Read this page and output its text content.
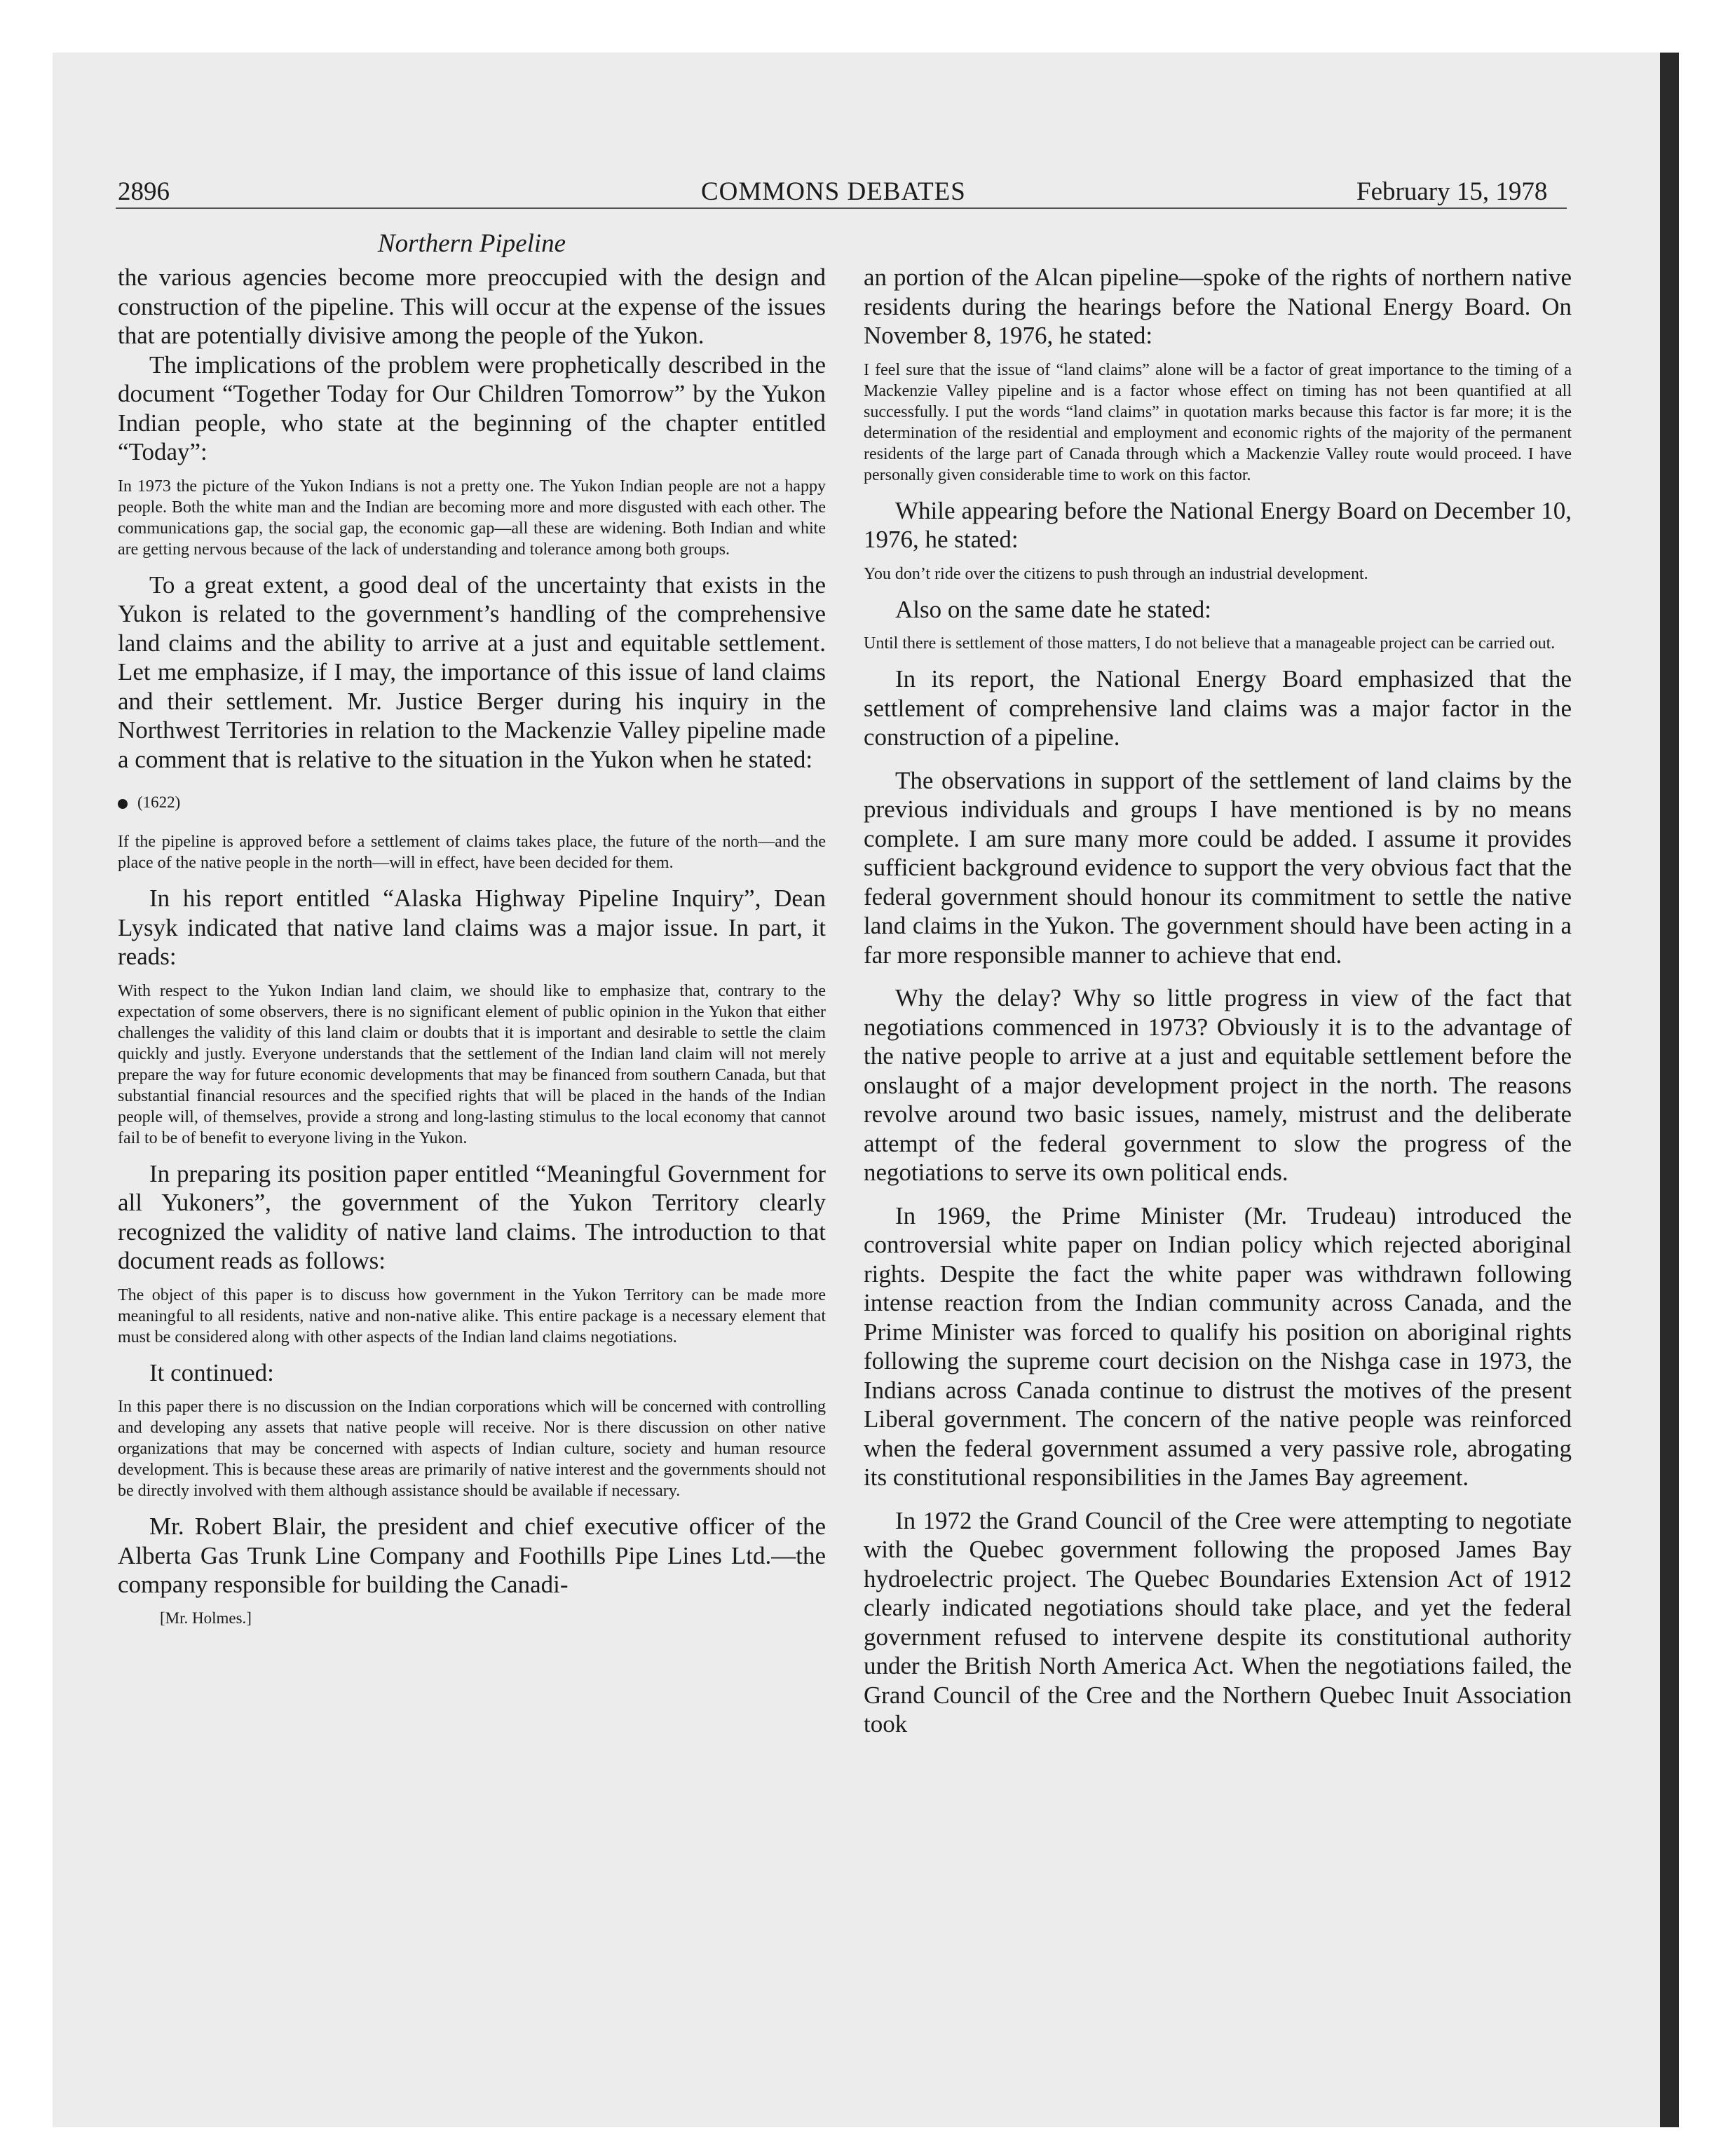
2896	COMMONS DEBATES	February 15, 1978
Northern Pipeline

the various agencies become more preoccupied with the design and construction of the pipeline. This will occur at the expense of the issues that are potentially divisive among the people of the Yukon.

The implications of the problem were prophetically described in the document “Together Today for Our Children Tomorrow” by the Yukon Indian people, who state at the beginning of the chapter entitled “Today”:

In 1973 the picture of the Yukon Indians is not a pretty one. The Yukon Indian people are not a happy people. Both the white man and the Indian are becoming more and more disgusted with each other. The communications gap, the social gap, the economic gap—all these are widening. Both Indian and white are getting nervous because of the lack of understanding and tolerance among both groups.

To a great extent, a good deal of the uncertainty that exists in the Yukon is related to the government’s handling of the comprehensive land claims and the ability to arrive at a just and equitable settlement. Let me emphasize, if I may, the importance of this issue of land claims and their settlement. Mr. Justice Berger during his inquiry in the Northwest Territories in relation to the Mackenzie Valley pipeline made a comment that is relative to the situation in the Yukon when he stated:

(1622)

If the pipeline is approved before a settlement of claims takes place, the future of the north—and the place of the native people in the north—will in effect, have been decided for them.

In his report entitled “Alaska Highway Pipeline Inquiry”, Dean Lysyk indicated that native land claims was a major issue. In part, it reads:

With respect to the Yukon Indian land claim, we should like to emphasize that, contrary to the expectation of some observers, there is no significant element of public opinion in the Yukon that either challenges the validity of this land claim or doubts that it is important and desirable to settle the claim quickly and justly. Everyone understands that the settlement of the Indian land claim will not merely prepare the way for future economic developments that may be financed from southern Canada, but that substantial financial resources and the specified rights that will be placed in the hands of the Indian people will, of themselves, provide a strong and long-lasting stimulus to the local economy that cannot fail to be of benefit to everyone living in the Yukon.

In preparing its position paper entitled “Meaningful Government for all Yukoners”, the government of the Yukon Territory clearly recognized the validity of native land claims. The introduction to that document reads as follows:

The object of this paper is to discuss how government in the Yukon Territory can be made more meaningful to all residents, native and non-native alike. This entire package is a necessary element that must be considered along with other aspects of the Indian land claims negotiations.

It continued:

In this paper there is no discussion on the Indian corporations which will be concerned with controlling and developing any assets that native people will receive. Nor is there discussion on other native organizations that may be concerned with aspects of Indian culture, society and human resource development. This is because these areas are primarily of native interest and the governments should not be directly involved with them although assistance should be available if necessary.

Mr. Robert Blair, the president and chief executive officer of the Alberta Gas Trunk Line Company and Foothills Pipe Lines Ltd.—the company responsible for building the Canadi-

[Mr. Holmes.]

an portion of the Alcan pipeline—spoke of the rights of northern native residents during the hearings before the National Energy Board. On November 8, 1976, he stated:

I feel sure that the issue of “land claims” alone will be a factor of great importance to the timing of a Mackenzie Valley pipeline and is a factor whose effect on timing has not been quantified at all successfully. I put the words “land claims” in quotation marks because this factor is far more; it is the determination of the residential and employment and economic rights of the majority of the permanent residents of the large part of Canada through which a Mackenzie Valley route would proceed. I have personally given considerable time to work on this factor.

While appearing before the National Energy Board on December 10, 1976, he stated:

You don’t ride over the citizens to push through an industrial development.

Also on the same date he stated:

Until there is settlement of those matters, I do not believe that a manageable project can be carried out.

In its report, the National Energy Board emphasized that the settlement of comprehensive land claims was a major factor in the construction of a pipeline.

The observations in support of the settlement of land claims by the previous individuals and groups I have mentioned is by no means complete. I am sure many more could be added. I assume it provides sufficient background evidence to support the very obvious fact that the federal government should honour its commitment to settle the native land claims in the Yukon. The government should have been acting in a far more responsible manner to achieve that end.

Why the delay? Why so little progress in view of the fact that negotiations commenced in 1973? Obviously it is to the advantage of the native people to arrive at a just and equitable settlement before the onslaught of a major development project in the north. The reasons revolve around two basic issues, namely, mistrust and the deliberate attempt of the federal government to slow the progress of the negotiations to serve its own political ends.

In 1969, the Prime Minister (Mr. Trudeau) introduced the controversial white paper on Indian policy which rejected aboriginal rights. Despite the fact the white paper was withdrawn following intense reaction from the Indian community across Canada, and the Prime Minister was forced to qualify his position on aboriginal rights following the supreme court decision on the Nishga case in 1973, the Indians across Canada continue to distrust the motives of the present Liberal government. The concern of the native people was reinforced when the federal government assumed a very passive role, abrogating its constitutional responsibilities in the James Bay agreement.

In 1972 the Grand Council of the Cree were attempting to negotiate with the Quebec government following the proposed James Bay hydroelectric project. The Quebec Boundaries Extension Act of 1912 clearly indicated negotiations should take place, and yet the federal government refused to intervene despite its constitutional authority under the British North America Act. When the negotiations failed, the Grand Council of the Cree and the Northern Quebec Inuit Association took
